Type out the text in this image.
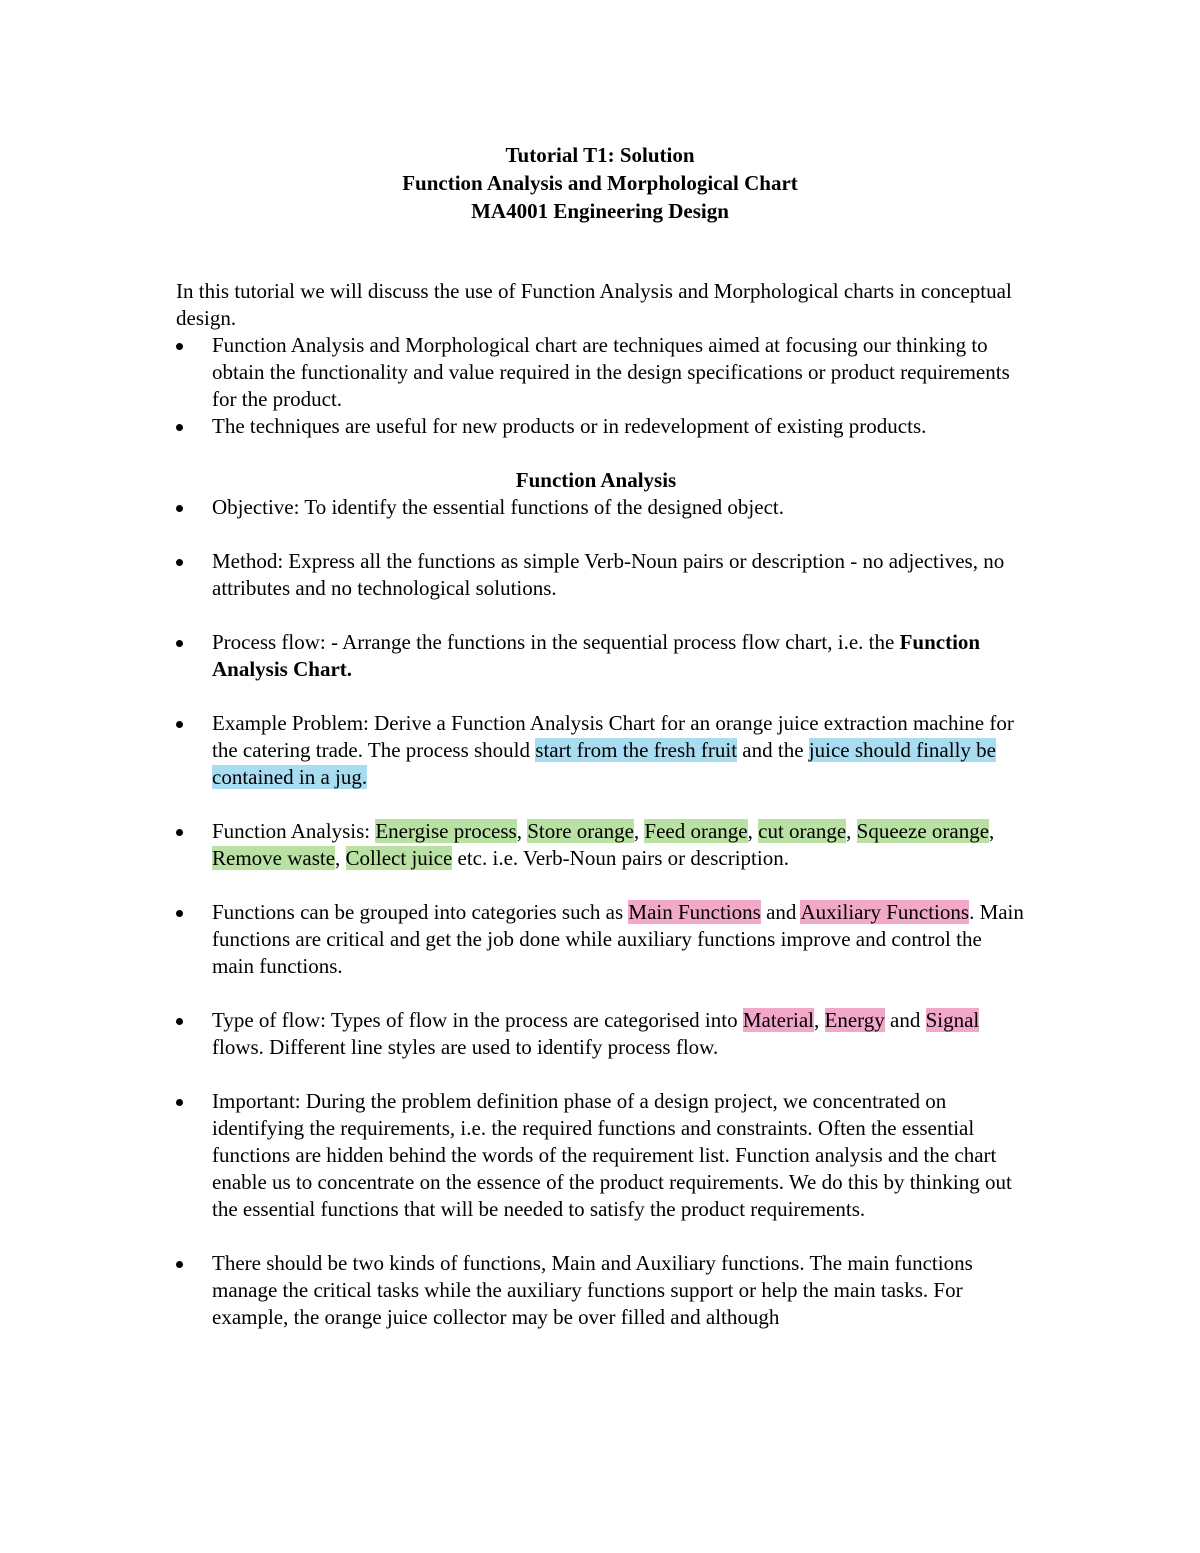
Tutorial T1: Solution
Function Analysis and Morphological Chart
MA4001 Engineering Design

In this tutorial we will discuss the use of Function Analysis and Morphological charts in conceptual design.

Function Analysis and Morphological chart are techniques aimed at focusing our thinking to obtain the functionality and value required in the design specifications or product requirements for the product.
The techniques are useful for new products or in redevelopment of existing products.
Function Analysis
Objective: To identify the essential functions of the designed object.
Method: Express all the functions as simple Verb-Noun pairs or description - no adjectives, no attributes and no technological solutions.
Process flow: - Arrange the functions in the sequential process flow chart, i.e. the Function Analysis Chart.
Example Problem: Derive a Function Analysis Chart for an orange juice extraction machine for the catering trade. The process should start from the fresh fruit and the juice should finally be contained in a jug.
Function Analysis: Energise process, Store orange, Feed orange, cut orange, Squeeze orange, Remove waste, Collect juice etc. i.e. Verb-Noun pairs or description.
Functions can be grouped into categories such as Main Functions and Auxiliary Functions. Main functions are critical and get the job done while auxiliary functions improve and control the main functions.
Type of flow: Types of flow in the process are categorised into Material, Energy and Signal flows. Different line styles are used to identify process flow.
Important: During the problem definition phase of a design project, we concentrated on identifying the requirements, i.e. the required functions and constraints. Often the essential functions are hidden behind the words of the requirement list. Function analysis and the chart enable us to concentrate on the essence of the product requirements. We do this by thinking out the essential functions that will be needed to satisfy the product requirements.
There should be two kinds of functions, Main and Auxiliary functions. The main functions manage the critical tasks while the auxiliary functions support or help the main tasks. For example, the orange juice collector may be over filled and although
